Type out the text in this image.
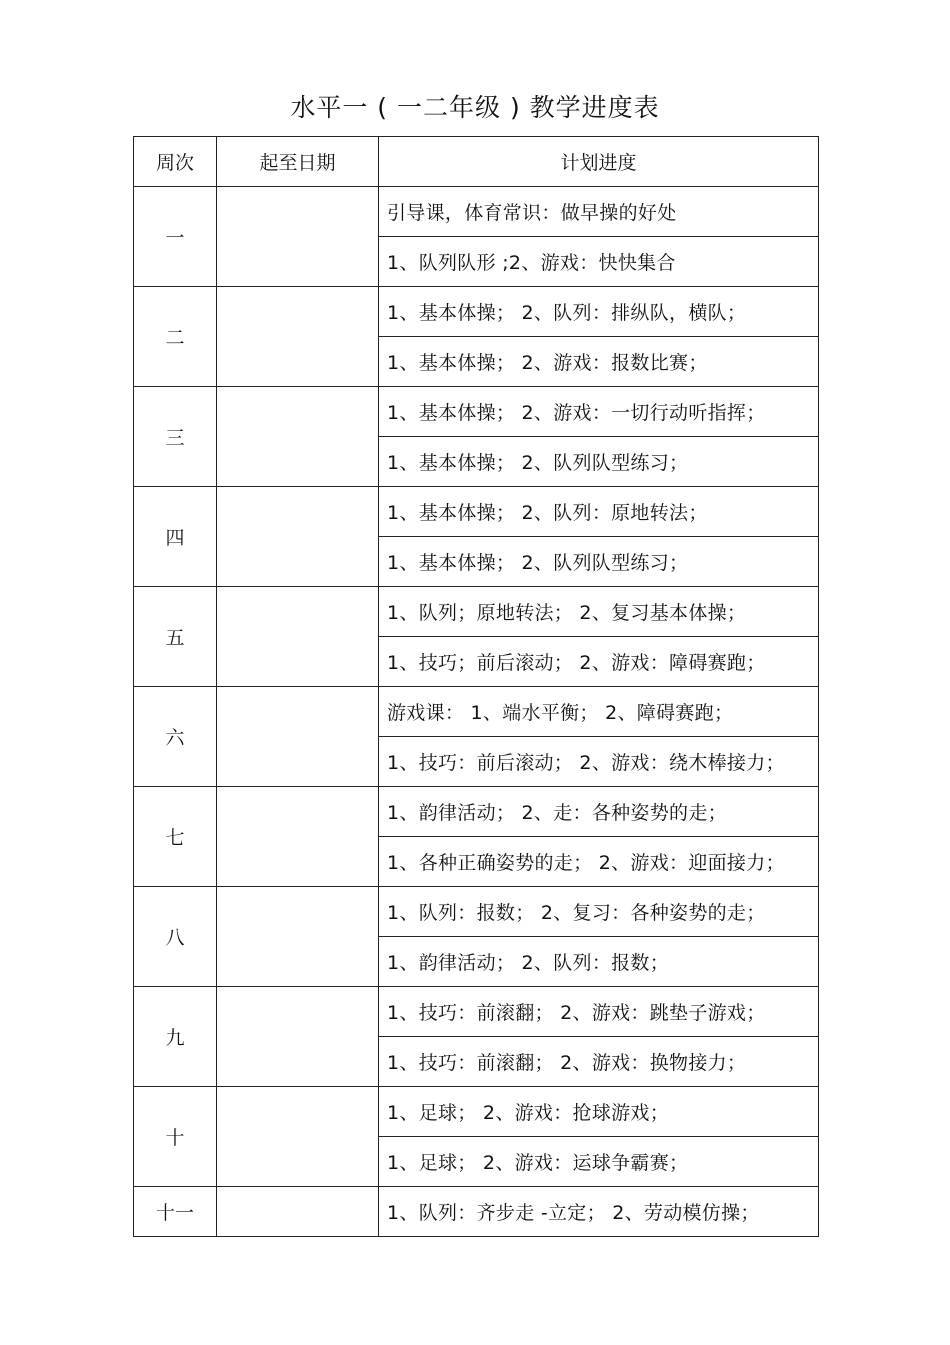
水平一 ( 一二年级 ) 教学进度表
周次	起至日期	计划进度
一		引导课，体育常识：做早操的好处
		1、队列队形 ;2、游戏：快快集合
二		1、基本体操； 2、队列：排纵队，横队；
		1、基本体操； 2、游戏：报数比赛；
三		1、基本体操； 2、游戏：一切行动听指挥；
		1、基本体操； 2、队列队型练习；
四		1、基本体操； 2、队列：原地转法；
		1、基本体操； 2、队列队型练习；
五		1、队列；原地转法； 2、复习基本体操；
		1、技巧；前后滚动； 2、游戏：障碍赛跑；
六		游戏课： 1、端水平衡； 2、障碍赛跑；
		1、技巧：前后滚动； 2、游戏：绕木棒接力；
七		1、韵律活动； 2、走：各种姿势的走；
		1、各种正确姿势的走； 2、游戏：迎面接力；
八		1、队列：报数； 2、复习：各种姿势的走；
		1、韵律活动； 2、队列：报数；
九		1、技巧：前滚翻； 2、游戏：跳垫子游戏；
		1、技巧：前滚翻； 2、游戏：换物接力；
十		1、足球； 2、游戏：抢球游戏；
		1、足球； 2、游戏：运球争霸赛；
十一		1、队列：齐步走 -立定； 2、劳动模仿操；
